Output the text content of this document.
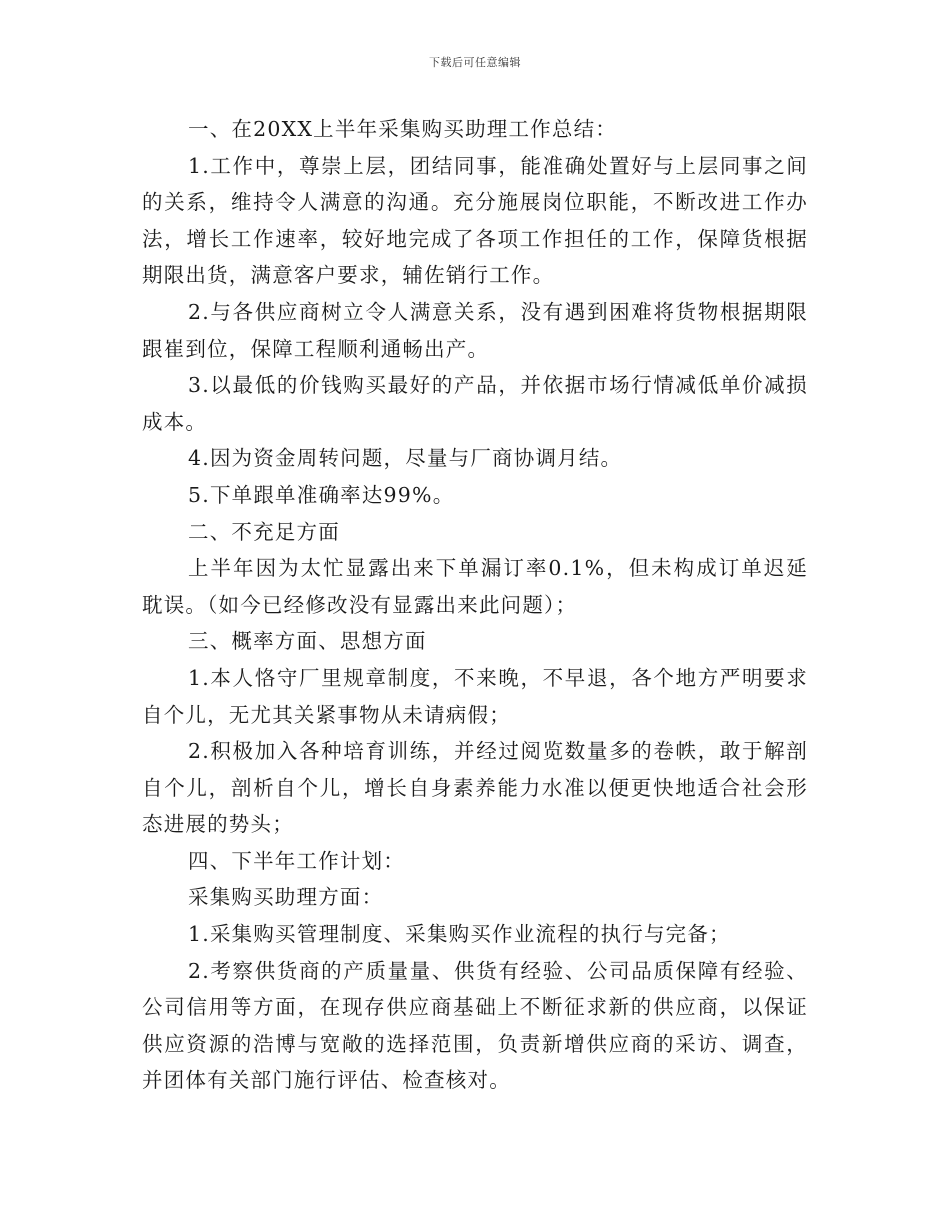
下载后可任意编辑

一、在20XX上半年采集购买助理工作总结：

1.工作中，尊崇上层，团结同事，能准确处置好与上层同事之间的关系，维持令人满意的沟通。充分施展岗位职能，不断改进工作办法，增长工作速率，较好地完成了各项工作担任的工作，保障货根据期限出货，满意客户要求，辅佐销行工作。

2.与各供应商树立令人满意关系，没有遇到困难将货物根据期限跟崔到位，保障工程顺利通畅出产。

3.以最低的价钱购买最好的产品，并依据市场行情减低单价减损成本。

4.因为资金周转问题，尽量与厂商协调月结。

5.下单跟单准确率达99%。

二、不充足方面

上半年因为太忙显露出来下单漏订率0.1%，但未构成订单迟延耽误。（如今已经修改没有显露出来此问题）；

三、概率方面、思想方面

1.本人恪守厂里规章制度，不来晚，不早退，各个地方严明要求自个儿，无尤其关紧事物从未请病假；

2.积极加入各种培育训练，并经过阅览数量多的卷帙，敢于解剖自个儿，剖析自个儿，增长自身素养能力水准以便更快地适合社会形态进展的势头；

四、下半年工作计划：

采集购买助理方面：

1.采集购买管理制度、采集购买作业流程的执行与完备；

2.考察供货商的产质量量、供货有经验、公司品质保障有经验、公司信用等方面，在现存供应商基础上不断征求新的供应商，以保证供应资源的浩博与宽敞的选择范围，负责新增供应商的采访、调查，并团体有关部门施行评估、检查核对。
